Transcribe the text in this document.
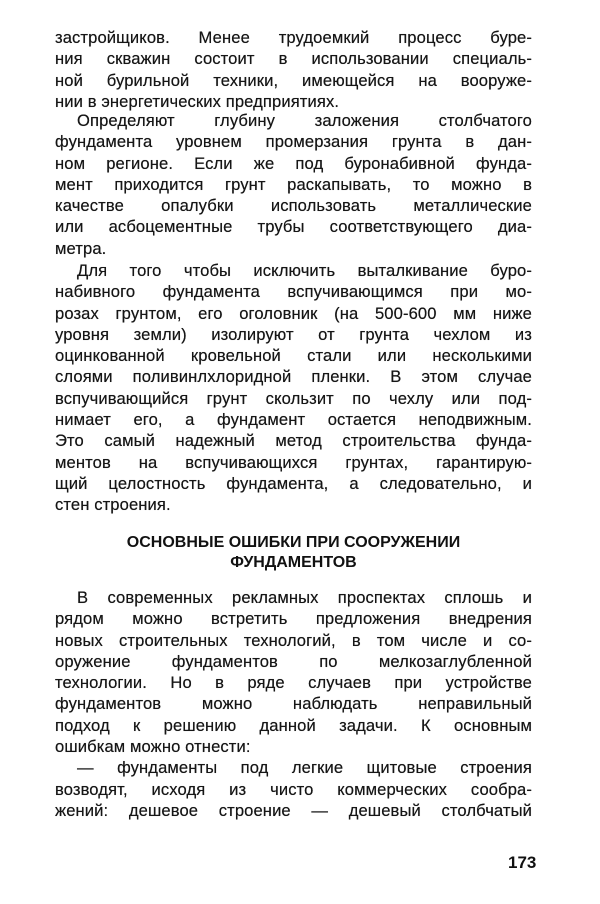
застройщиков. Менее трудоемкий процесс буре-
ния скважин состоит в использовании специаль-
ной бурильной техники, имеющейся на вооруже-
нии в энергетических предприятиях.
Определяют глубину заложения столбчатого
фундамента уровнем промерзания грунта в дан-
ном регионе. Если же под буронабивной фунда-
мент приходится грунт раскапывать, то можно в
качестве опалубки использовать металлические
или асбоцементные трубы соответствующего диа-
метра.
Для того чтобы исключить выталкивание буро-
набивного фундамента вспучивающимся при мо-
розах грунтом, его оголовник (на 500-600 мм ниже
уровня земли) изолируют от грунта чехлом из
оцинкованной кровельной стали или несколькими
слоями поливинлхлоридной пленки. В этом случае
вспучивающийся грунт скользит по чехлу или под-
нимает его, а фундамент остается неподвижным.
Это самый надежный метод строительства фунда-
ментов на вспучивающихся грунтах, гарантирую-
щий целостность фундамента, а следовательно, и
стен строения.
ОСНОВНЫЕ ОШИБКИ ПРИ СООРУЖЕНИИ
ФУНДАМЕНТОВ
В современных рекламных проспектах сплошь и
рядом можно встретить предложения внедрения
новых строительных технологий, в том числе и со-
оружение фундаментов по мелкозаглубленной
технологии. Но в ряде случаев при устройстве
фундаментов можно наблюдать неправильный
подход к решению данной задачи. К основным
ошибкам можно отнести:
— фундаменты под легкие щитовые строения
возводят, исходя из чисто коммерческих сообра-
жений: дешевое строение — дешевый столбчатый
173
